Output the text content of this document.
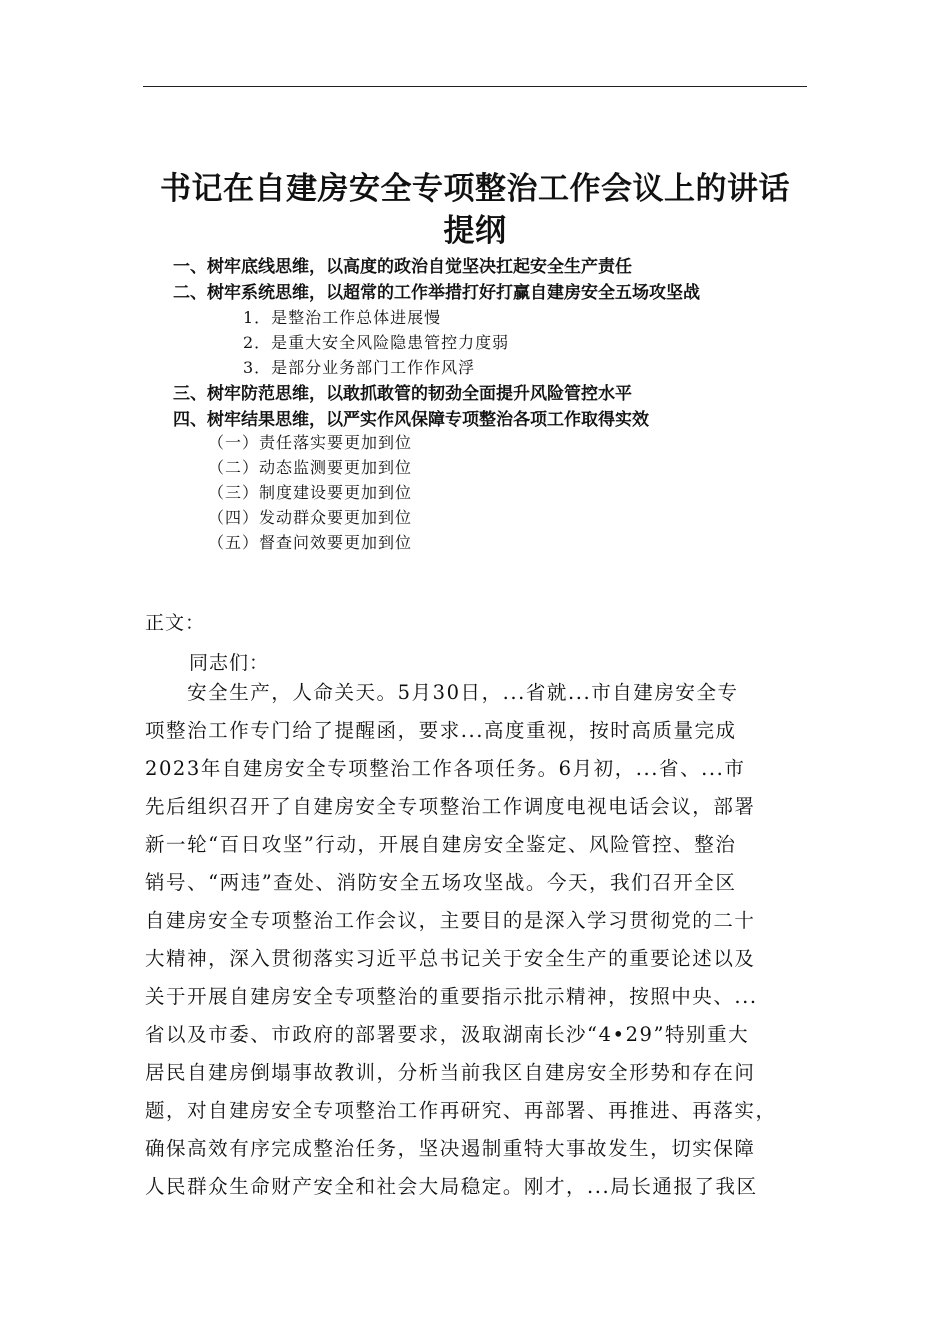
书记在自建房安全专项整治工作会议上的讲话
提纲
一、树牢底线思维，以高度的政治自觉坚决扛起安全生产责任
二、树牢系统思维，以超常的工作举措打好打赢自建房安全五场攻坚战
1．是整治工作总体进展慢
2．是重大安全风险隐患管控力度弱
3．是部分业务部门工作作风浮
三、树牢防范思维，以敢抓敢管的韧劲全面提升风险管控水平
四、树牢结果思维，以严实作风保障专项整治各项工作取得实效
（一）责任落实要更加到位
（二）动态监测要更加到位
（三）制度建设要更加到位
（四）发动群众要更加到位
（五）督查问效要更加到位
正文：
同志们：
　　安全生产，人命关天。5月30日，...省就...市自建房安全专
项整治工作专门给了提醒函，要求...高度重视，按时高质量完成
2023年自建房安全专项整治工作各项任务。6月初，...省、...市
先后组织召开了自建房安全专项整治工作调度电视电话会议，部署
新一轮“百日攻坚”行动，开展自建房安全鉴定、风险管控、整治
销号、“两违”查处、消防安全五场攻坚战。今天，我们召开全区
自建房安全专项整治工作会议，主要目的是深入学习贯彻党的二十
大精神，深入贯彻落实习近平总书记关于安全生产的重要论述以及
关于开展自建房安全专项整治的重要指示批示精神，按照中央、...
省以及市委、市政府的部署要求，汲取湖南长沙“4•29”特别重大
居民自建房倒塌事故教训，分析当前我区自建房安全形势和存在问
题，对自建房安全专项整治工作再研究、再部署、再推进、再落实，
确保高效有序完成整治任务，坚决遏制重特大事故发生，切实保障
人民群众生命财产安全和社会大局稳定。刚才，...局长通报了我区
